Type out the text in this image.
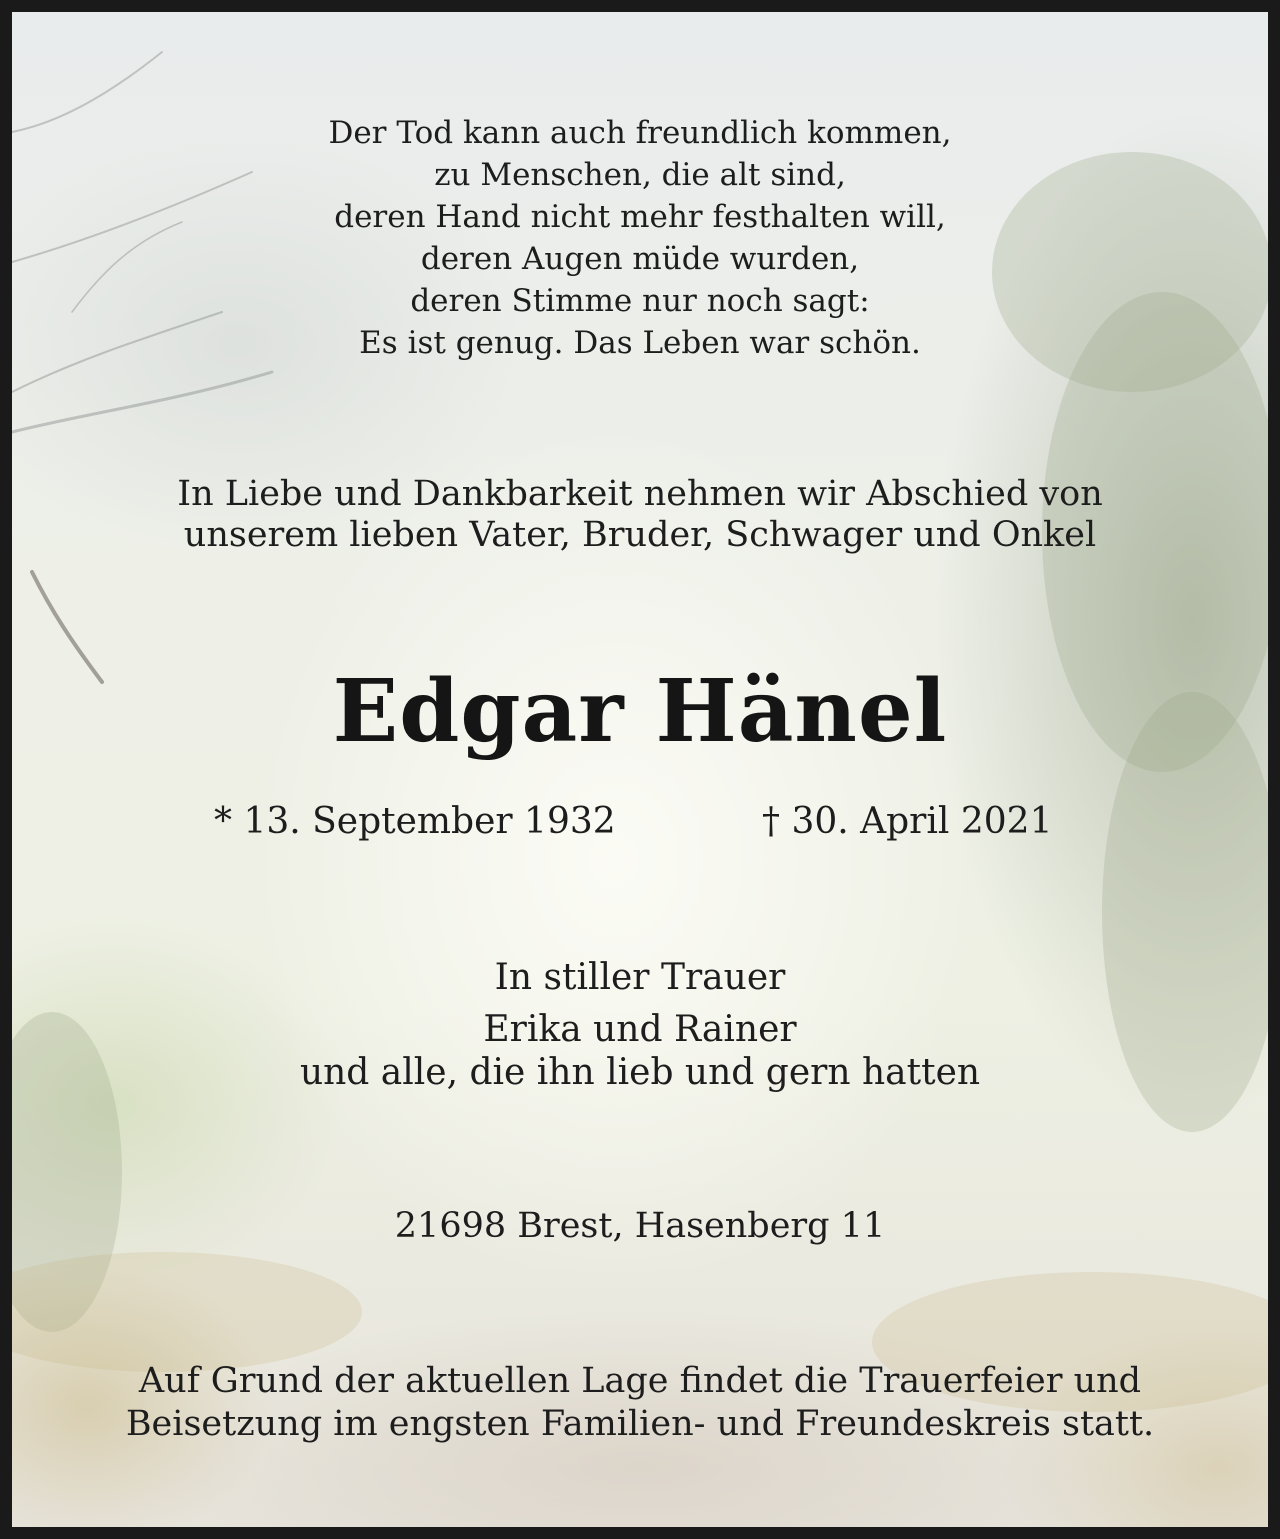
Der Tod kann auch freundlich kommen,
zu Menschen, die alt sind,
deren Hand nicht mehr festhalten will,
deren Augen müde wurden,
deren Stimme nur noch sagt:
Es ist genug. Das Leben war schön.
In Liebe und Dankbarkeit nehmen wir Abschied von
unserem lieben Vater, Bruder, Schwager und Onkel
Edgar Hänel
* 13. September 1932	† 30. April 2021
In stiller Trauer
Erika und Rainer
und alle, die ihn lieb und gern hatten
21698 Brest, Hasenberg 11
Auf Grund der aktuellen Lage findet die Trauerfeier und
Beisetzung im engsten Familien- und Freundeskreis statt.
